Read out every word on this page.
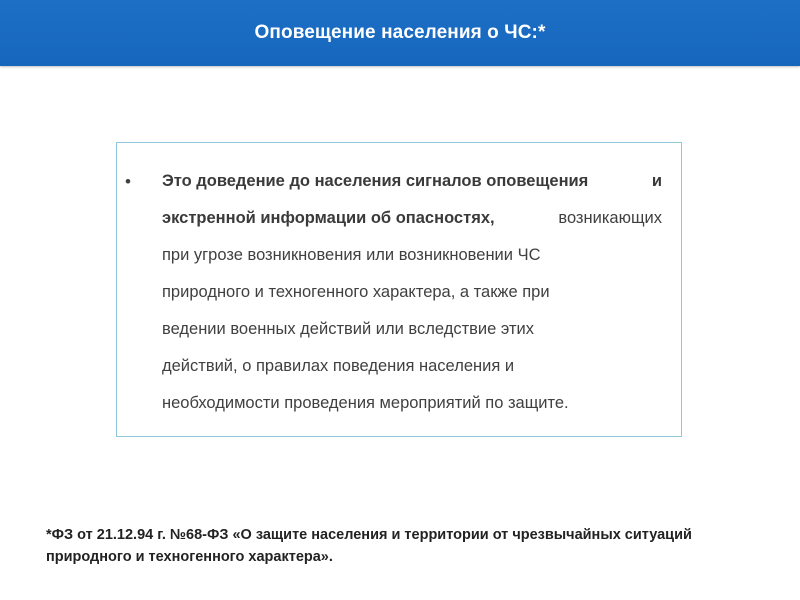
Оповещение населения о ЧС:*
• Это доведение до населения сигналов оповещения	и
экстренной информации об опасностях,	возникающих
при угрозе возникновения или возникновении ЧС
природного и техногенного характера, а также при
ведении военных действий или вследствие этих
действий, о правилах поведения населения и
необходимости проведения мероприятий по защите.
*ФЗ от 21.12.94 г. №68-ФЗ «О защите населения и территории от чрезвычайных ситуаций
природного и техногенного характера».
